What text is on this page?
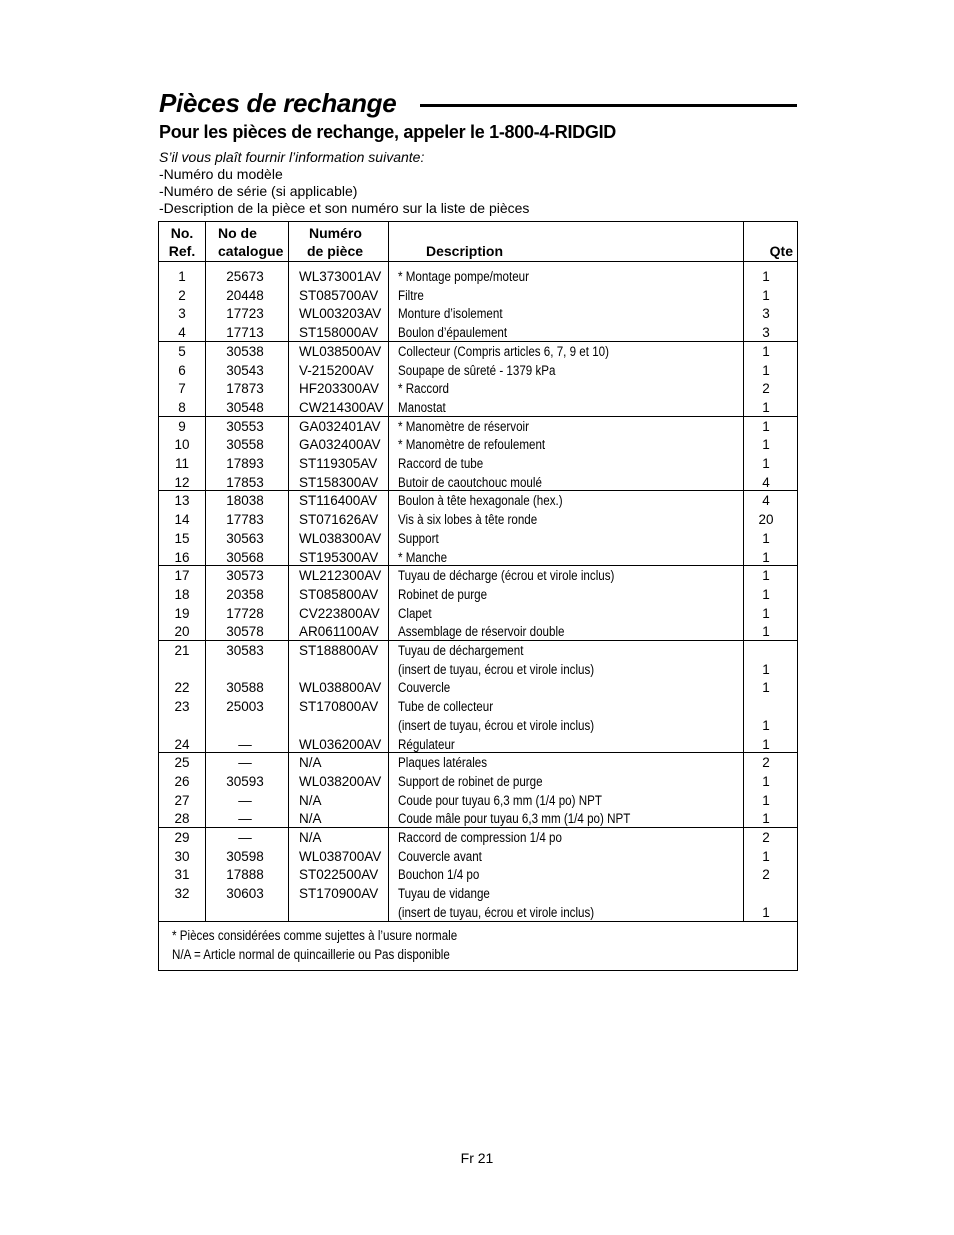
Pièces de rechange
Pour les pièces de rechange, appeler le 1-800-4-RIDGID
S’il vous plaît fournir l’information suivante:
-Numéro du modèle
-Numéro de série (si applicable)
-Description de la pièce et son numéro sur la liste de pièces
No.
Ref.
No de
catalogue
Numéro
de pièce	Description	Qte
1	25673	WL373001AV * Montage pompe/moteur	1
2	20448	ST085700AV Filtre	1
3	17723	WL003203AV Monture d’isolement	3
4	17713	ST158000AV Boulon d’épaulement	3
5	30538	WL038500AV Collecteur (Compris articles 6, 7, 9 et 10)	1
6	30543	V-215200AV Soupape de sûreté - 1379 kPa	1
7	17873	HF203300AV * Raccord	2
8	30548	CW214300AV Manostat	1
9	30553	GA032401AV * Manomètre de réservoir	1
10	30558	GA032400AV * Manomètre de refoulement	1
11	17893	ST119305AV Raccord de tube	1
12	17853	ST158300AV Butoir de caoutchouc moulé	4
13	18038	ST116400AV Boulon à tête hexagonale (hex.)	4
14	17783	ST071626AV Vis à six lobes à tête ronde	20
15	30563	WL038300AV Support	1
16	30568	ST195300AV * Manche	1
17	30573	WL212300AV Tuyau de décharge (écrou et virole inclus)	1
18	20358	ST085800AV Robinet de purge	1
19	17728	CV223800AV Clapet	1
20	30578	AR061100AV Assemblage de réservoir double	1
21	30583	ST188800AV Tuyau de déchargement
(insert de tuyau, écrou et virole inclus)	1
22	30588	WL038800AV Couvercle	1
23	25003	ST170800AV Tube de collecteur
(insert de tuyau, écrou et virole inclus)	1
24	—	WL036200AV Régulateur	1
25	—	N/A	Plaques latérales	2
26	30593	WL038200AV Support de robinet de purge	1
27	—	N/A	Coude pour tuyau 6,3 mm (1/4 po) NPT	1
28	—	N/A	Coude mâle pour tuyau 6,3 mm (1/4 po) NPT	1
29	—	N/A	Raccord de compression 1/4 po	2
30	30598	WL038700AV Couvercle avant	1
31	17888	ST022500AV Bouchon 1/4 po	2
32	30603	ST170900AV Tuyau de vidange
(insert de tuyau, écrou et virole inclus)	1
* Pièces considérées comme sujettes à l’usure normale
N/A = Article normal de quincaillerie ou Pas disponible
Fr 21
